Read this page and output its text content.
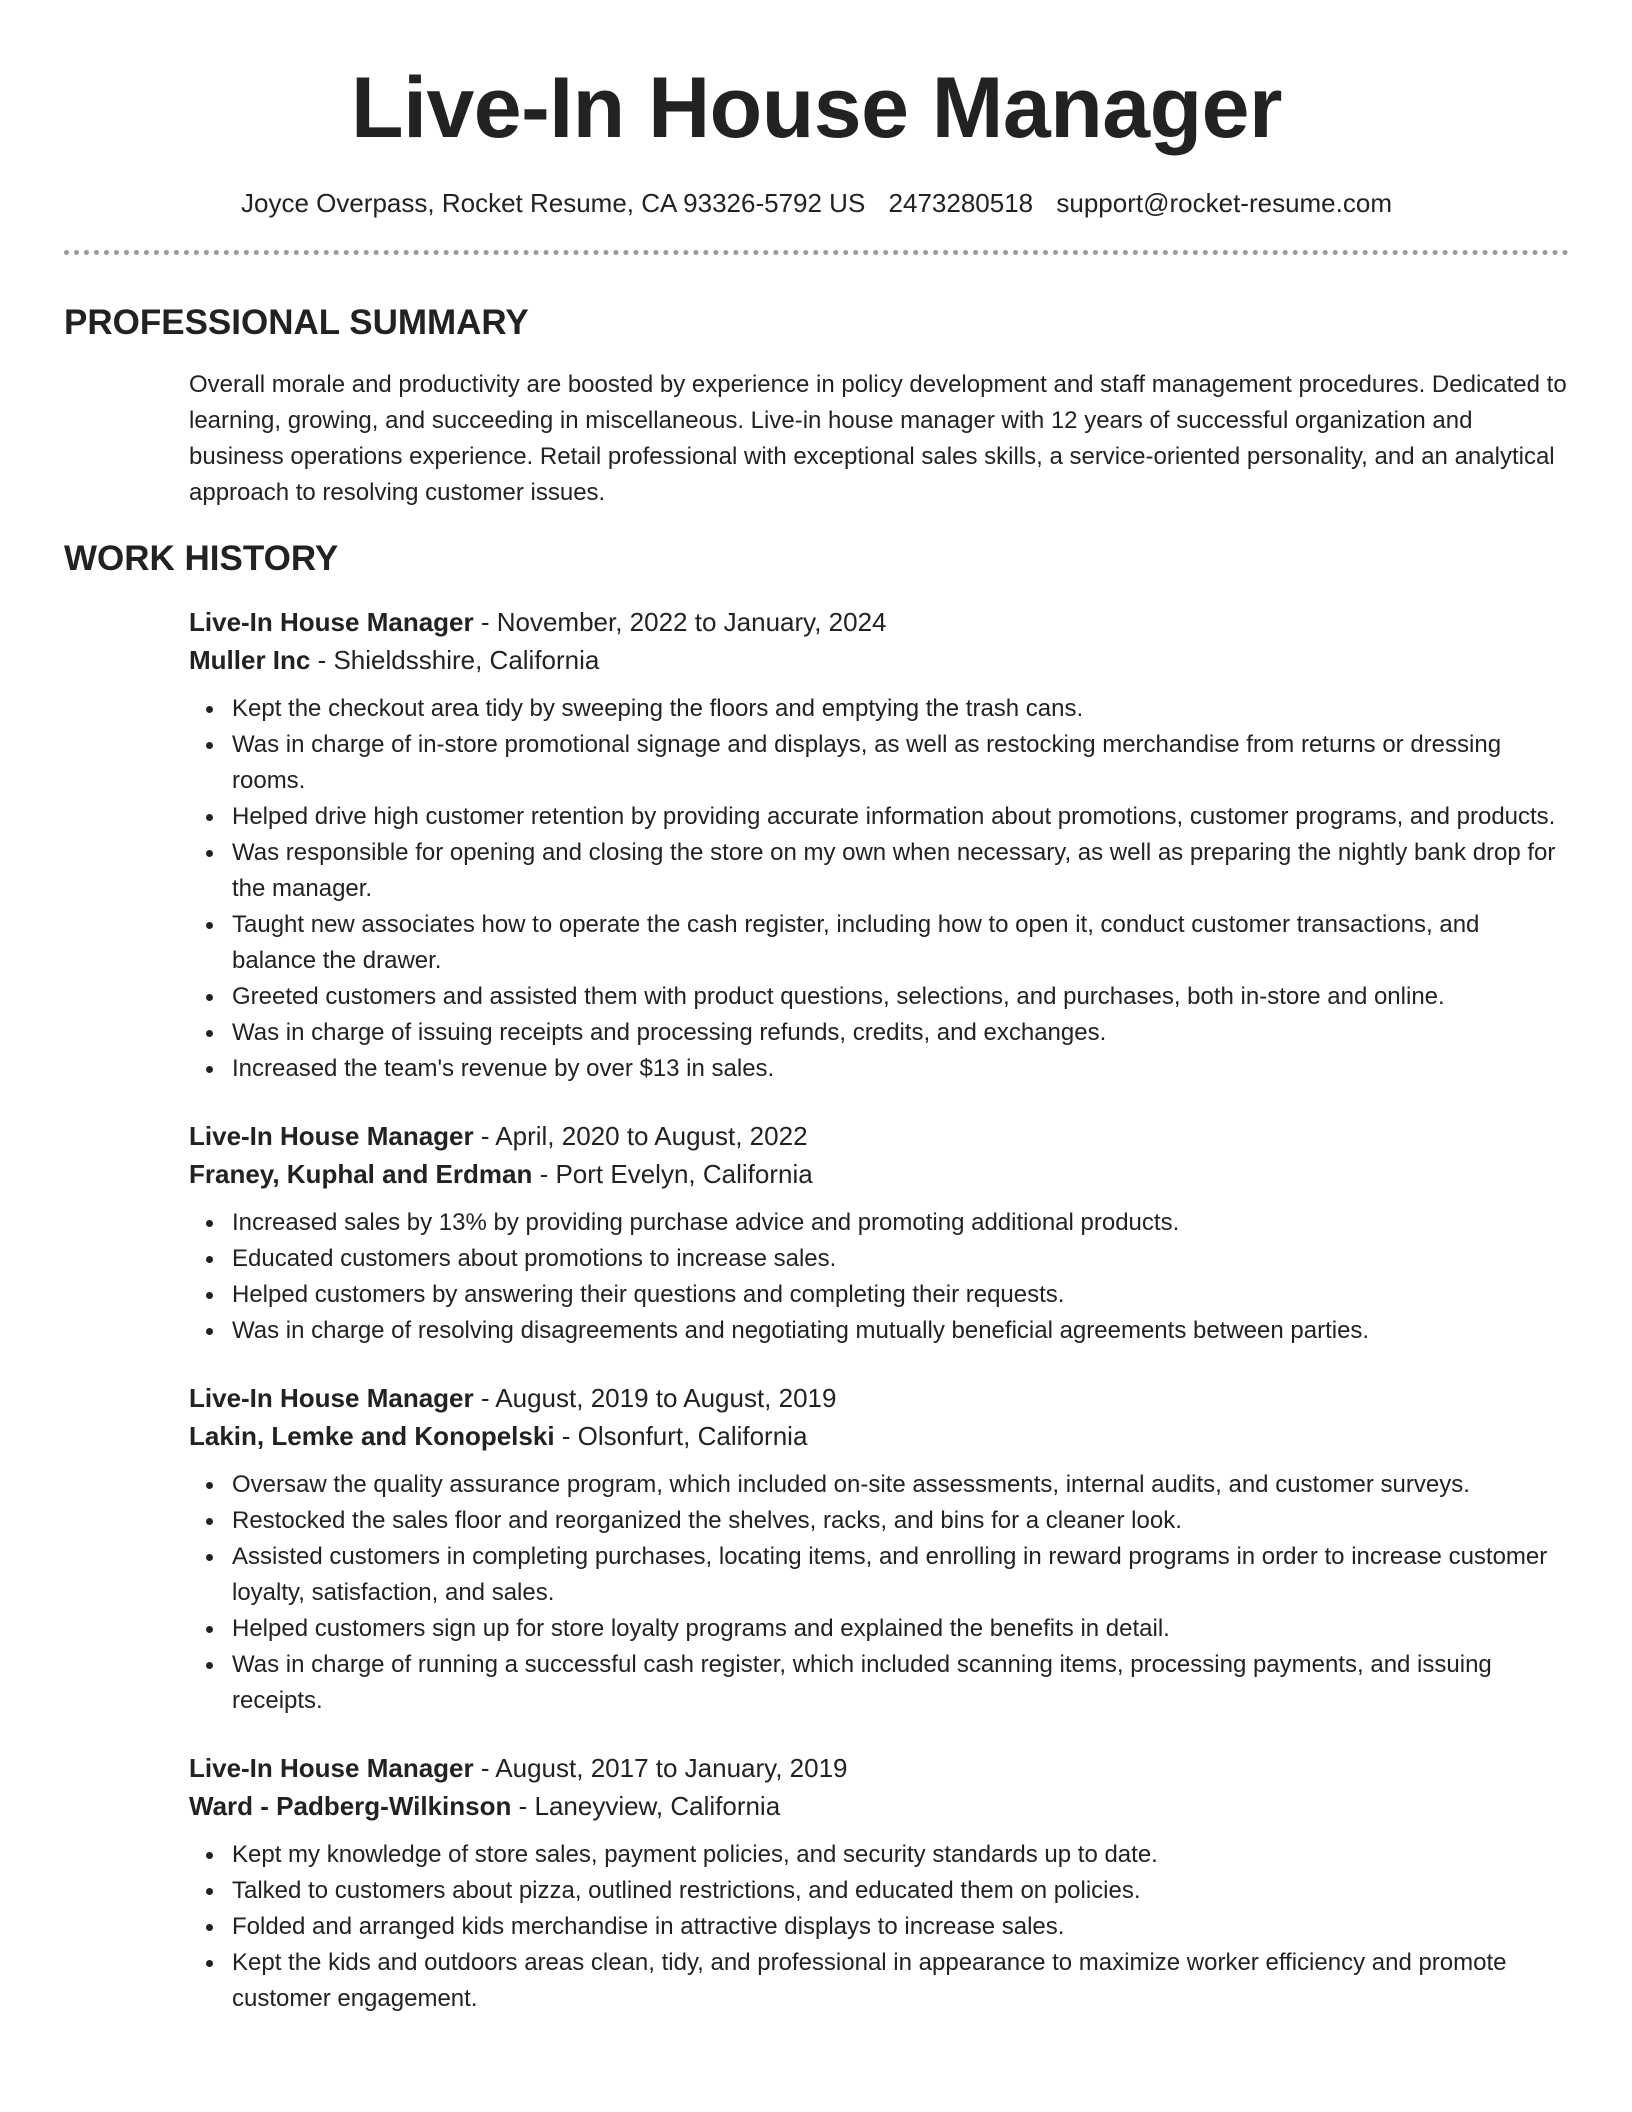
Live-In House Manager
Joyce Overpass, Rocket Resume, CA 93326-5792 US 2473280518 support@rocket-resume.com
PROFESSIONAL SUMMARY

Overall morale and productivity are boosted by experience in policy development and staff management procedures. Dedicated to learning, growing, and succeeding in miscellaneous. Live-in house manager with 12 years of successful organization and business operations experience. Retail professional with exceptional sales skills, a service-oriented personality, and an analytical approach to resolving customer issues.

WORK HISTORY
Live-In House Manager - November, 2022 to January, 2024
Muller Inc - Shieldsshire, California
Kept the checkout area tidy by sweeping the floors and emptying the trash cans.
Was in charge of in-store promotional signage and displays, as well as restocking merchandise from returns or dressing rooms.
Helped drive high customer retention by providing accurate information about promotions, customer programs, and products.
Was responsible for opening and closing the store on my own when necessary, as well as preparing the nightly bank drop for the manager.
Taught new associates how to operate the cash register, including how to open it, conduct customer transactions, and balance the drawer.
Greeted customers and assisted them with product questions, selections, and purchases, both in-store and online.
Was in charge of issuing receipts and processing refunds, credits, and exchanges.
Increased the team's revenue by over $13 in sales.
Live-In House Manager - April, 2020 to August, 2022
Franey, Kuphal and Erdman - Port Evelyn, California
Increased sales by 13% by providing purchase advice and promoting additional products.
Educated customers about promotions to increase sales.
Helped customers by answering their questions and completing their requests.
Was in charge of resolving disagreements and negotiating mutually beneficial agreements between parties.
Live-In House Manager - August, 2019 to August, 2019
Lakin, Lemke and Konopelski - Olsonfurt, California
Oversaw the quality assurance program, which included on-site assessments, internal audits, and customer surveys.
Restocked the sales floor and reorganized the shelves, racks, and bins for a cleaner look.
Assisted customers in completing purchases, locating items, and enrolling in reward programs in order to increase customer loyalty, satisfaction, and sales.
Helped customers sign up for store loyalty programs and explained the benefits in detail.
Was in charge of running a successful cash register, which included scanning items, processing payments, and issuing receipts.
Live-In House Manager - August, 2017 to January, 2019
Ward - Padberg-Wilkinson - Laneyview, California
Kept my knowledge of store sales, payment policies, and security standards up to date.
Talked to customers about pizza, outlined restrictions, and educated them on policies.
Folded and arranged kids merchandise in attractive displays to increase sales.
Kept the kids and outdoors areas clean, tidy, and professional in appearance to maximize worker efficiency and promote customer engagement.
